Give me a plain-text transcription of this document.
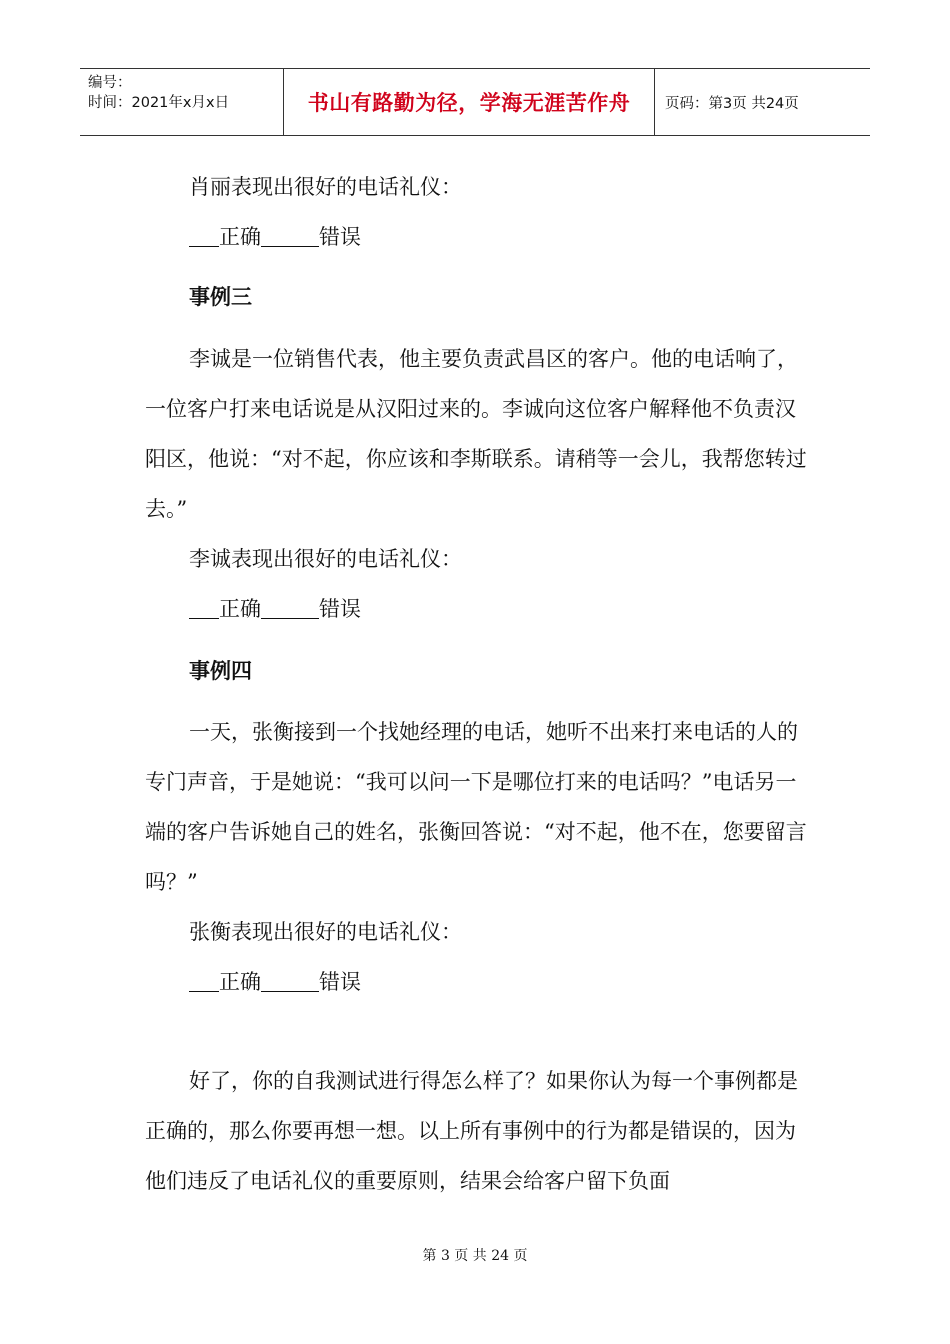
编号：
时间：2021年x月x日	书山有路勤为径，学海无涯苦作舟	页码：第3页 共24页

肖丽表现出很好的电话礼仪：

正确	错误

事例三

李诚是一位销售代表，他主要负责武昌区的客户。他的电话响了，一位客户打来电话说是从汉阳过来的。李诚向这位客户解释他不负责汉阳区，他说：“对不起，你应该和李斯联系。请稍等一会儿，我帮您转过去。”

李诚表现出很好的电话礼仪：

正确	错误

事例四

一天，张衡接到一个找她经理的电话，她听不出来打来电话的人的专门声音，于是她说：“我可以问一下是哪位打来的电话吗？”电话另一端的客户告诉她自己的姓名，张衡回答说：“对不起，他不在，您要留言吗？”

张衡表现出很好的电话礼仪：

正确	错误

好了，你的自我测试进行得怎么样了？如果你认为每一个事例都是正确的，那么你要再想一想。以上所有事例中的行为都是错误的，因为他们违反了电话礼仪的重要原则，结果会给客户留下负面

第 3 页 共 24 页
